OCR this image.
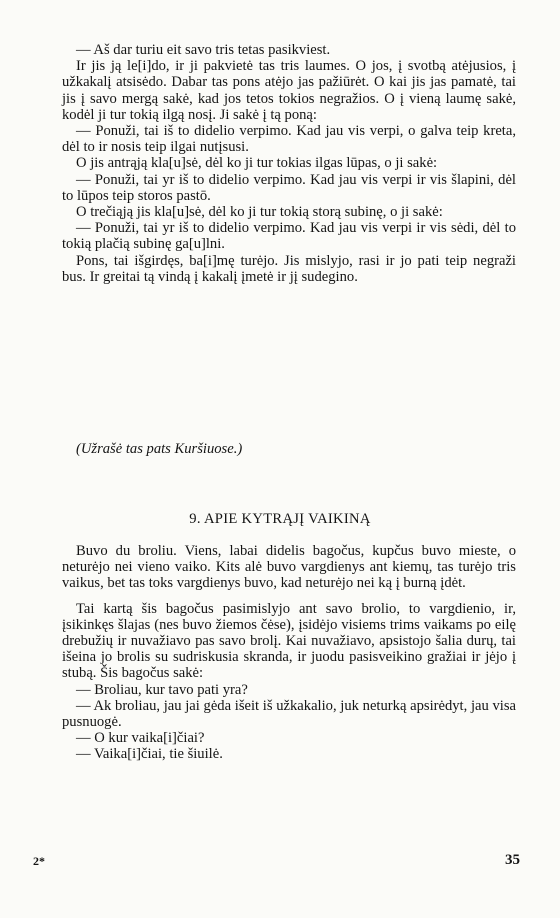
— Aš dar turiu eit savo tris tetas pasikviest.

Ir jis ją le[i]do, ir ji pakvietė tas tris laumes. O jos, į svotbą atėjusios, į užkakalį atsisėdo. Dabar tas pons atėjo jas pažiūrėt. O kai jis jas pamatė, tai jis į savo mergą sakė, kad jos tetos tokios negražios. O į vieną laumę sakė, kodėl ji tur tokią ilgą nosį. Ji sakė į tą poną:

— Ponuži, tai iš to didelio verpimo. Kad jau vis verpi, o galva teip kreta, dėl to ir nosis teip ilgai nutįsusi.

O jis antrąją kla[u]sė, dėl ko ji tur tokias ilgas lūpas, o ji sakė:

— Ponuži, tai yr iš to didelio verpimo. Kad jau vis verpi ir vis šlapini, dėl to lūpos teip storos pastō.

O trečiąją jis kla[u]sė, dėl ko ji tur tokią storą subinę, o ji sakė:

— Ponuži, tai yr iš to didelio verpimo. Kad jau vis verpi ir vis sėdi, dėl to tokią plačią subinę ga[u]lni.

Pons, tai išgirdęs, ba[i]mę turėjo. Jis mislyjo, rasi ir jo pati teip negraži bus. Ir greitai tą vindą į kakalį įmetė ir jį sudegino.

(Užrašė tas pats Kuršiuose.)
9. APIE KYTRĄJĮ VAIKINĄ

Buvo du broliu. Viens, labai didelis bagočus, kupčus buvo mieste, o neturėjo nei vieno vaiko. Kits alė buvo vargdienys ant kiemų, tas turėjo tris vaikus, bet tas toks vargdienys buvo, kad neturėjo nei ką į burną įdėt.

Tai kartą šis bagočus pasimislyjo ant savo brolio, to vargdienio, ir, įsikinkęs šlajas (nes buvo žiemos čėse), įsidėjo visiems trims vaikams po eilę drebužių ir nuvažiavo pas savo brolį. Kai nuvažiavo, apsistojo šalia durų, tai išeina jo brolis su sudriskusia skranda, ir juodu pasisveikino gražiai ir jėjo į stubą. Šis bagočus sakė:

— Broliau, kur tavo pati yra?

— Ak broliau, jau jai gėda išeit iš užkakalio, juk neturką apsirėdyt, jau visa pusnuogė.

— O kur vaika[i]čiai?

— Vaika[i]čiai, tie šiuilė.

2*	35
